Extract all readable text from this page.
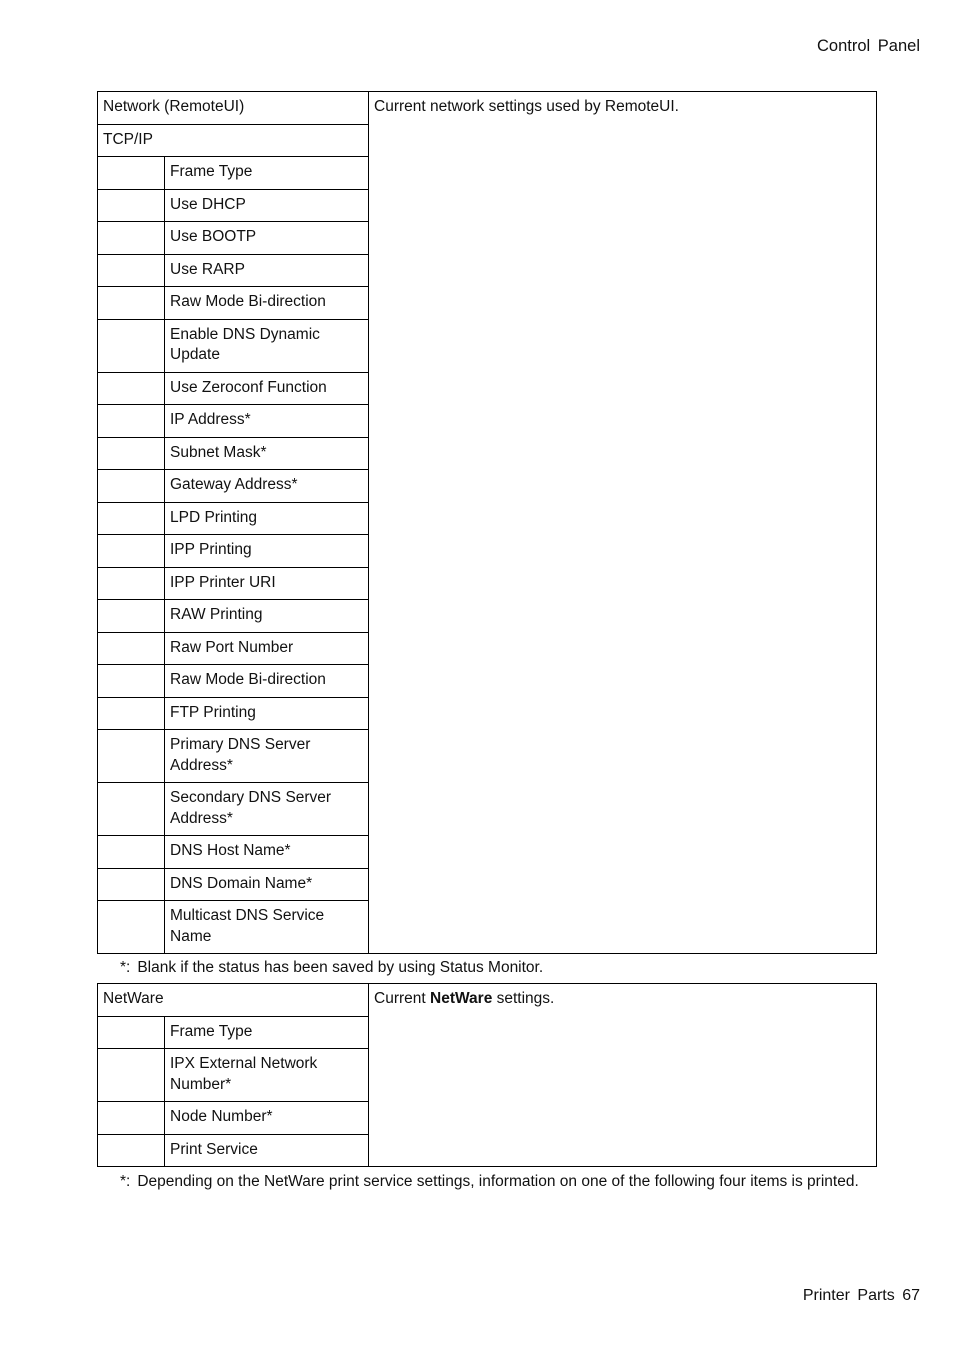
Control Panel
Network (RemoteUI)		Current network settings used by RemoteUI.
TCP/IP		
	Frame Type	
	Use DHCP	
	Use BOOTP	
	Use RARP	
	Raw Mode Bi-direction	
	Enable DNS Dynamic Update	
	Use Zeroconf Function	
	IP Address*	
	Subnet Mask*	
	Gateway Address*	
	LPD Printing	
	IPP Printing	
	IPP Printer URI	
	RAW Printing	
	Raw Port Number	
	Raw Mode Bi-direction	
	FTP Printing	
	Primary DNS Server Address*	
	Secondary DNS Server Address*	
	DNS Host Name*	
	DNS Domain Name*	
	Multicast DNS Service Name	
*: Blank if the status has been saved by using Status Monitor.
NetWare		Current NetWare settings.
	Frame Type	
	IPX External Network Number*	
	Node Number*	
	Print Service	
*: Depending on the NetWare print service settings, information on one of the following four items is printed.
Printer Parts 67
